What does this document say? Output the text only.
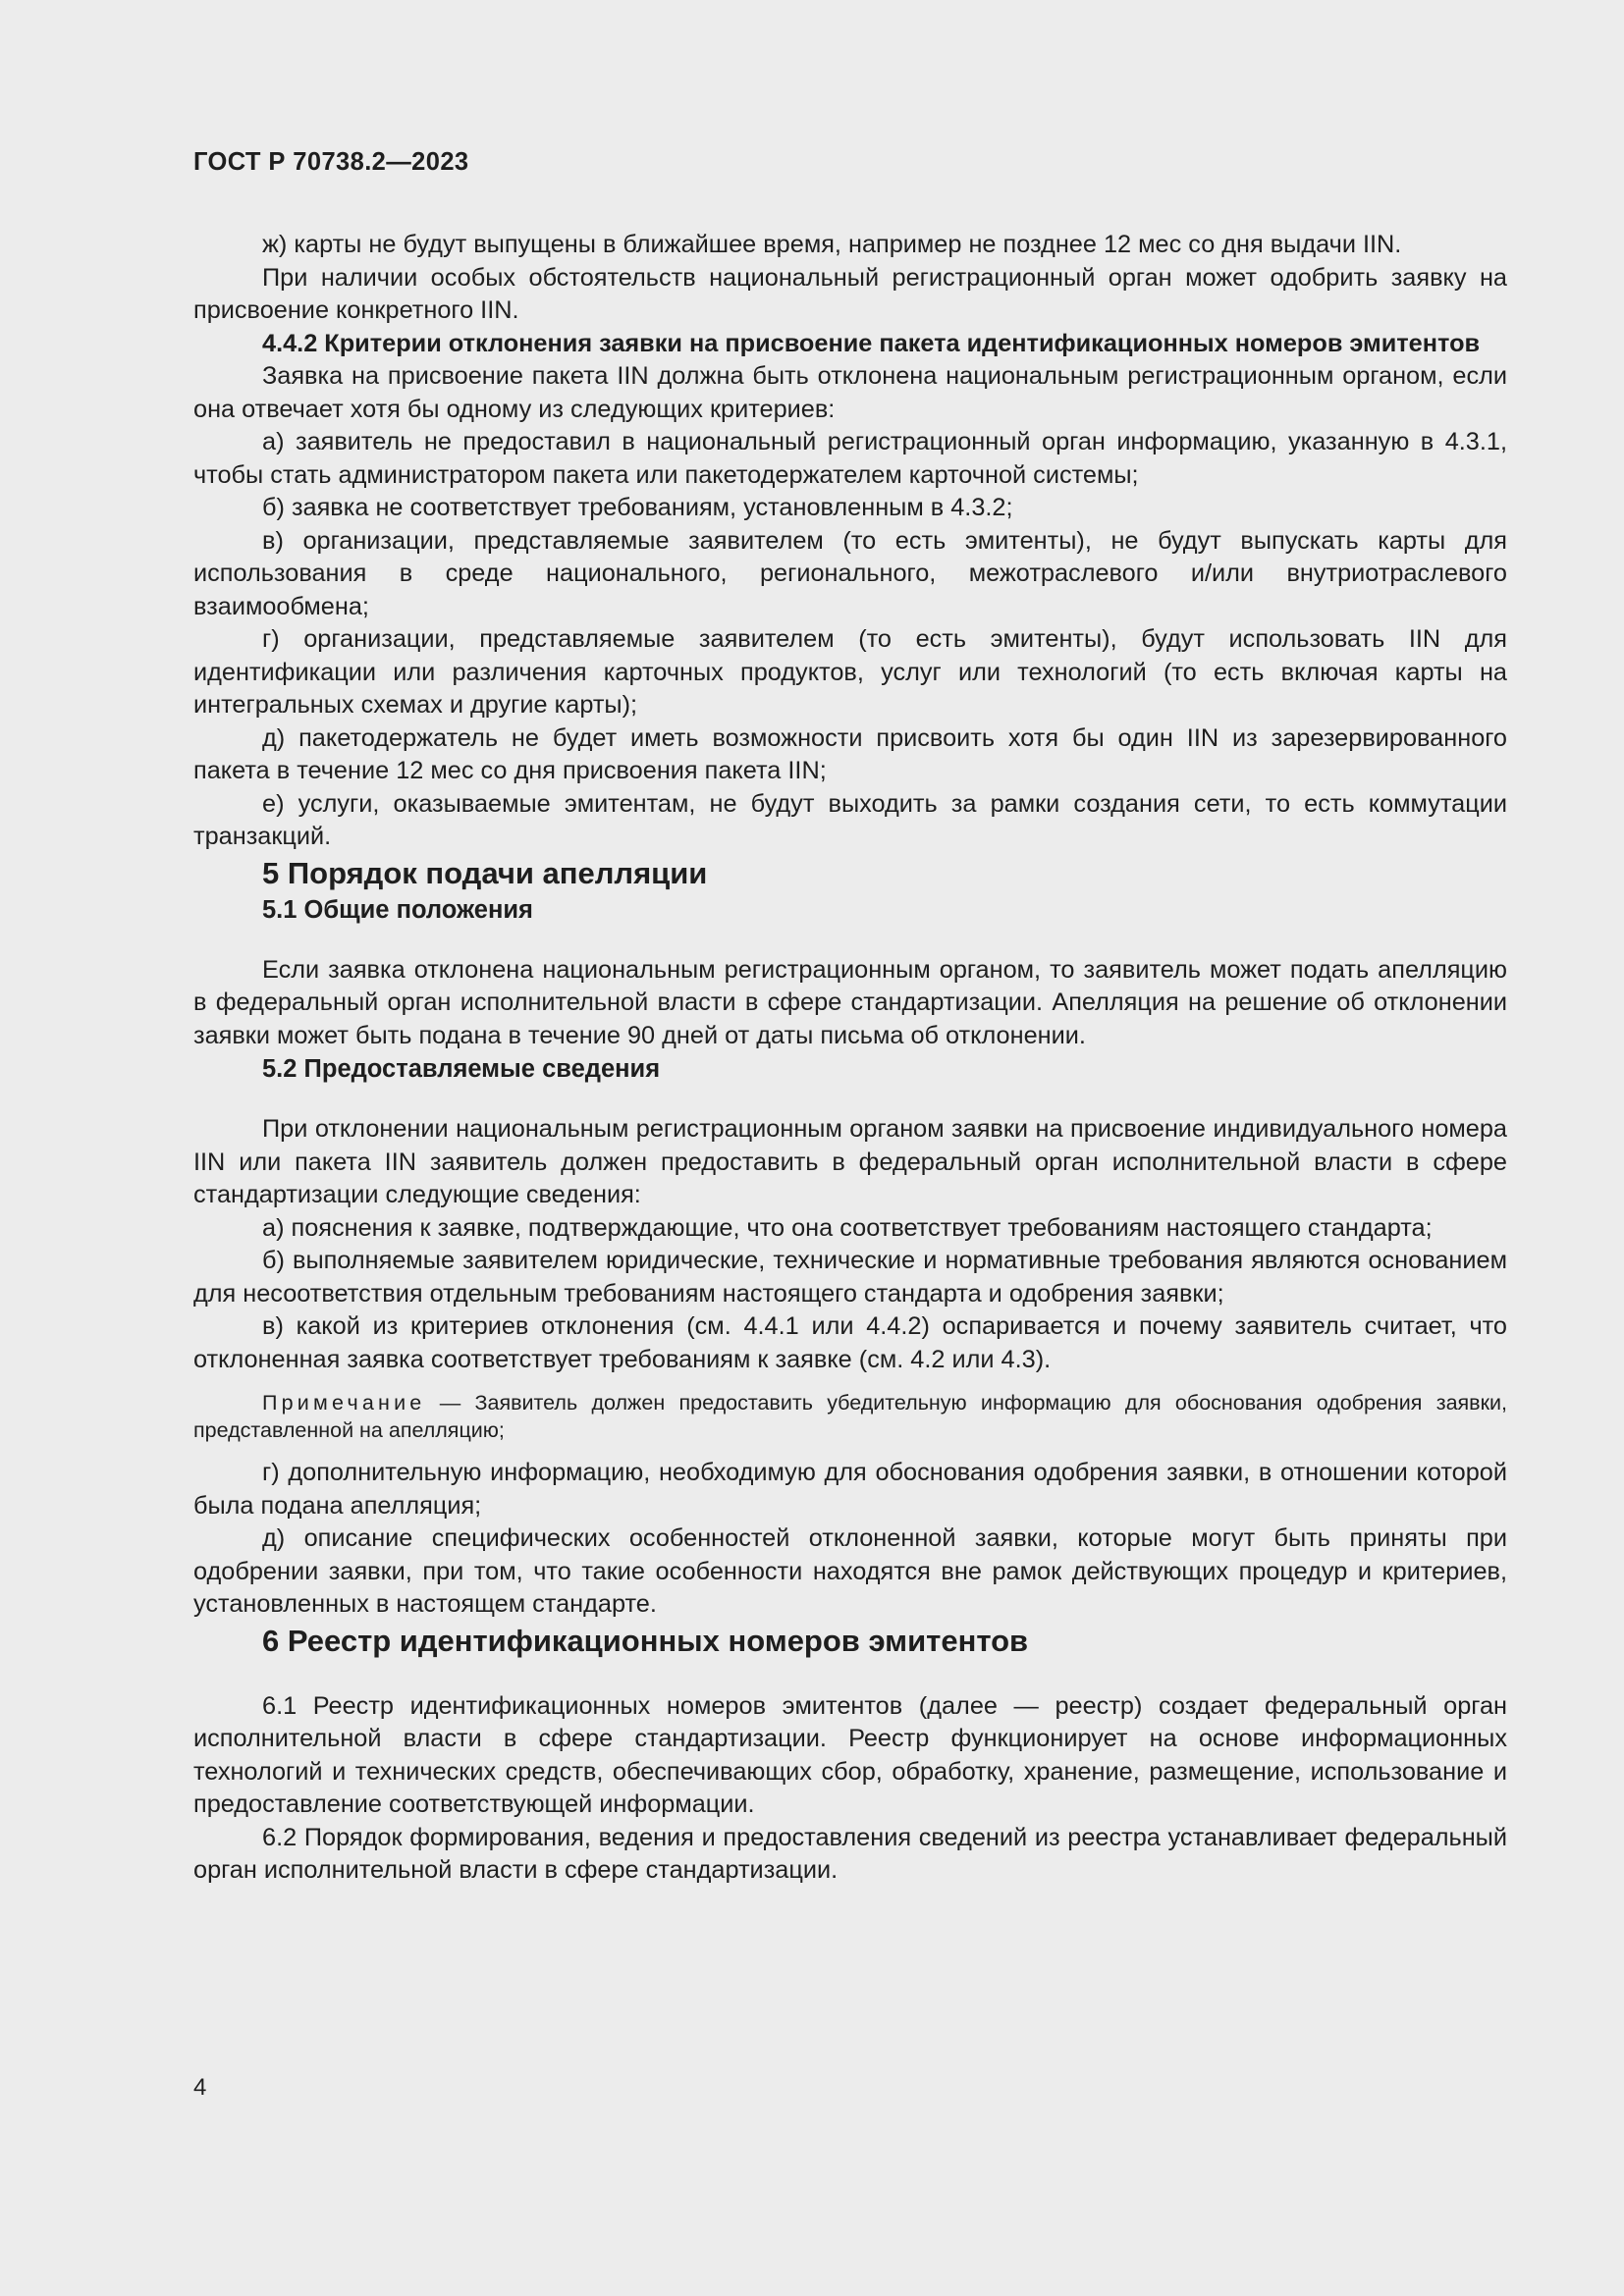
ГОСТ Р 70738.2—2023

ж) карты не будут выпущены в ближайшее время, например не позднее 12 мес со дня выдачи IIN.

При наличии особых обстоятельств национальный регистрационный орган может одобрить заявку на присвоение конкретного IIN.

4.4.2 Критерии отклонения заявки на присвоение пакета идентификационных номеров эмитентов

Заявка на присвоение пакета IIN должна быть отклонена национальным регистрационным органом, если она отвечает хотя бы одному из следующих критериев:

а) заявитель не предоставил в национальный регистрационный орган информацию, указанную в 4.3.1, чтобы стать администратором пакета или пакетодержателем карточной системы;

б) заявка не соответствует требованиям, установленным в 4.3.2;

в) организации, представляемые заявителем (то есть эмитенты), не будут выпускать карты для использования в среде национального, регионального, межотраслевого и/или внутриотраслевого взаимообмена;

г) организации, представляемые заявителем (то есть эмитенты), будут использовать IIN для идентификации или различения карточных продуктов, услуг или технологий (то есть включая карты на интегральных схемах и другие карты);

д) пакетодержатель не будет иметь возможности присвоить хотя бы один IIN из зарезервированного пакета в течение 12 мес со дня присвоения пакета IIN;

е) услуги, оказываемые эмитентам, не будут выходить за рамки создания сети, то есть коммутации транзакций.

5 Порядок подачи апелляции
5.1 Общие положения

Если заявка отклонена национальным регистрационным органом, то заявитель может подать апелляцию в федеральный орган исполнительной власти в сфере стандартизации. Апелляция на решение об отклонении заявки может быть подана в течение 90 дней от даты письма об отклонении.

5.2 Предоставляемые сведения

При отклонении национальным регистрационным органом заявки на присвоение индивидуального номера IIN или пакета IIN заявитель должен предоставить в федеральный орган исполнительной власти в сфере стандартизации следующие сведения:

а) пояснения к заявке, подтверждающие, что она соответствует требованиям настоящего стандарта;

б) выполняемые заявителем юридические, технические и нормативные требования являются основанием для несоответствия отдельным требованиям настоящего стандарта и одобрения заявки;

в) какой из критериев отклонения (см. 4.4.1 или 4.4.2) оспаривается и почему заявитель считает, что отклоненная заявка соответствует требованиям к заявке (см. 4.2 или 4.3).

Примечание — Заявитель должен предоставить убедительную информацию для обоснования одобрения заявки, представленной на апелляцию;

г) дополнительную информацию, необходимую для обоснования одобрения заявки, в отношении которой была подана апелляция;

д) описание специфических особенностей отклоненной заявки, которые могут быть приняты при одобрении заявки, при том, что такие особенности находятся вне рамок действующих процедур и критериев, установленных в настоящем стандарте.

6 Реестр идентификационных номеров эмитентов

6.1 Реестр идентификационных номеров эмитентов (далее — реестр) создает федеральный орган исполнительной власти в сфере стандартизации. Реестр функционирует на основе информационных технологий и технических средств, обеспечивающих сбор, обработку, хранение, размещение, использование и предоставление соответствующей информации.

6.2 Порядок формирования, ведения и предоставления сведений из реестра устанавливает федеральный орган исполнительной власти в сфере стандартизации.

4
